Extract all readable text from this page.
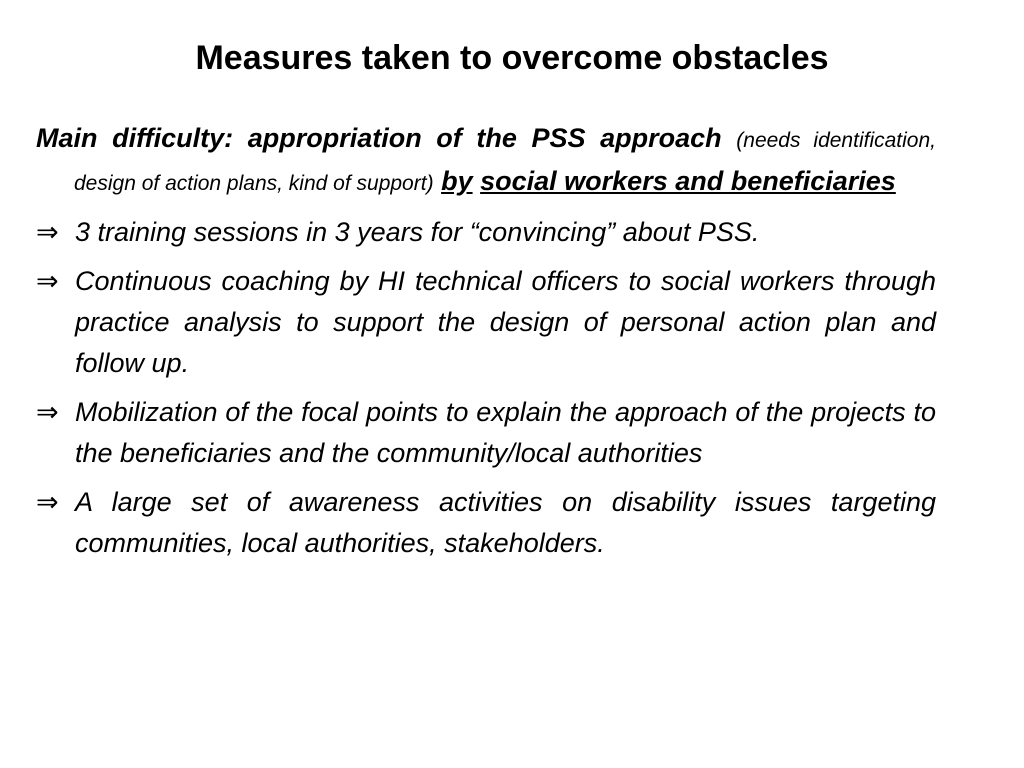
Measures taken to overcome obstacles

Main difficulty: appropriation of the PSS approach (needs identification, design of action plans, kind of support) by social workers and beneficiaries

⇒ 3 training sessions in 3 years for “convincing” about PSS.
⇒ Continuous coaching by HI technical officers to social workers through practice analysis to support the design of personal action plan and follow up.
⇒ Mobilization of the focal points to explain the approach of the projects to the beneficiaries and the community/local authorities
⇒ A large set of awareness activities on disability issues targeting communities, local authorities, stakeholders.
